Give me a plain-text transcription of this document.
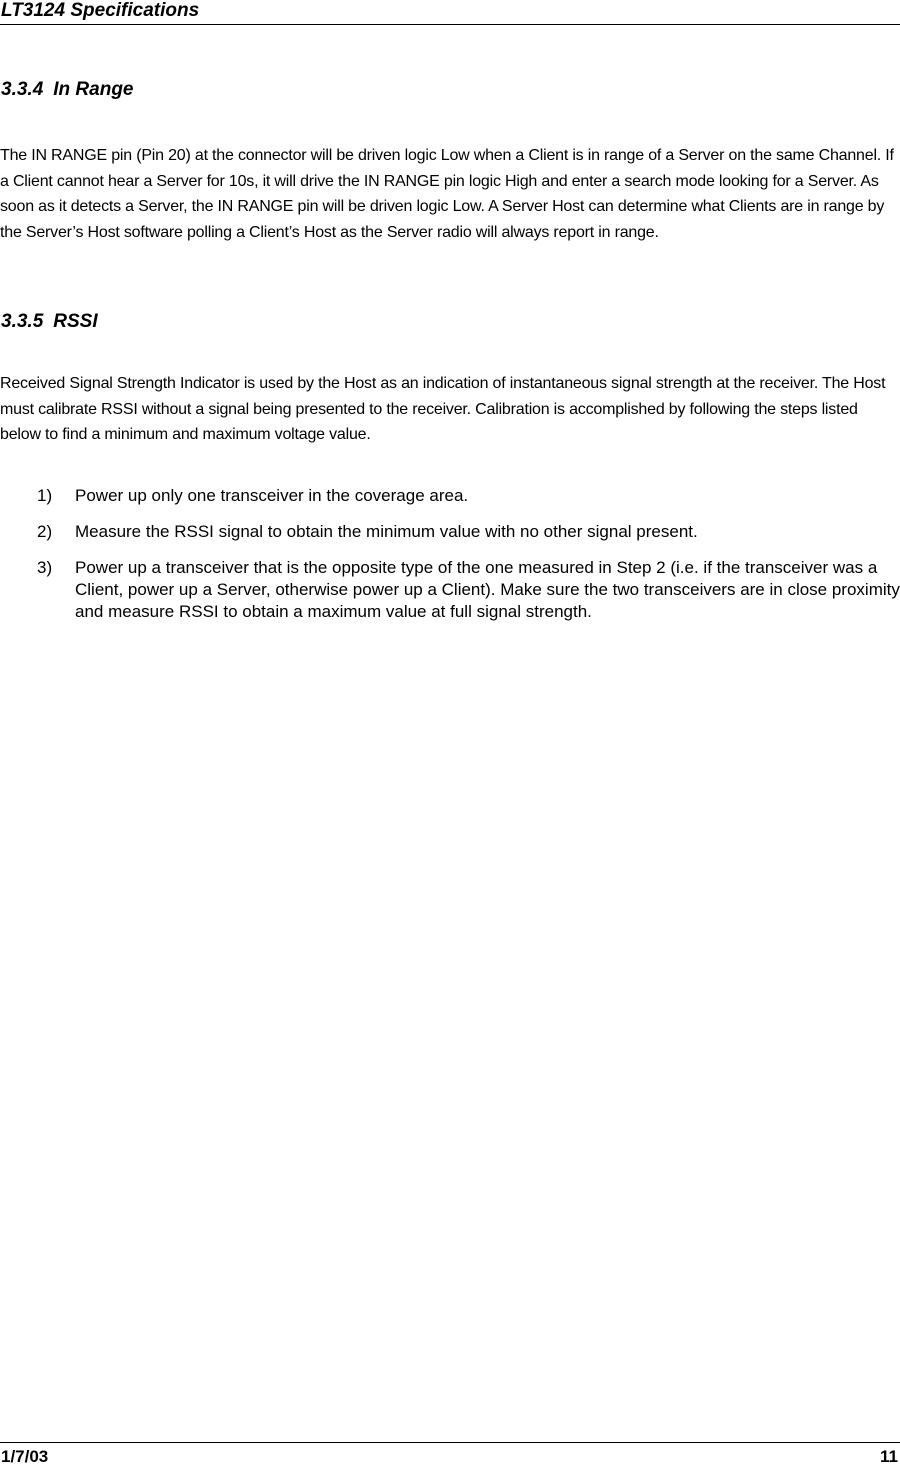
LT3124 Specifications
3.3.4 In Range

The IN RANGE pin (Pin 20) at the connector will be driven logic Low when a Client is in range of a Server on the same Channel. If a Client cannot hear a Server for 10s, it will drive the IN RANGE pin logic High and enter a search mode looking for a Server. As soon as it detects a Server, the IN RANGE pin will be driven logic Low. A Server Host can determine what Clients are in range by the Server’s Host software polling a Client’s Host as the Server radio will always report in range.

3.3.5 RSSI

Received Signal Strength Indicator is used by the Host as an indication of instantaneous signal strength at the receiver. The Host must calibrate RSSI without a signal being presented to the receiver. Calibration is accomplished by following the steps listed below to find a minimum and maximum voltage value.

1) Power up only one transceiver in the coverage area.
2) Measure the RSSI signal to obtain the minimum value with no other signal present.
3) Power up a transceiver that is the opposite type of the one measured in Step 2 (i.e. if the transceiver was a Client, power up a Server, otherwise power up a Client). Make sure the two transceivers are in close proximity and measure RSSI to obtain a maximum value at full signal strength.
1/7/03	11
